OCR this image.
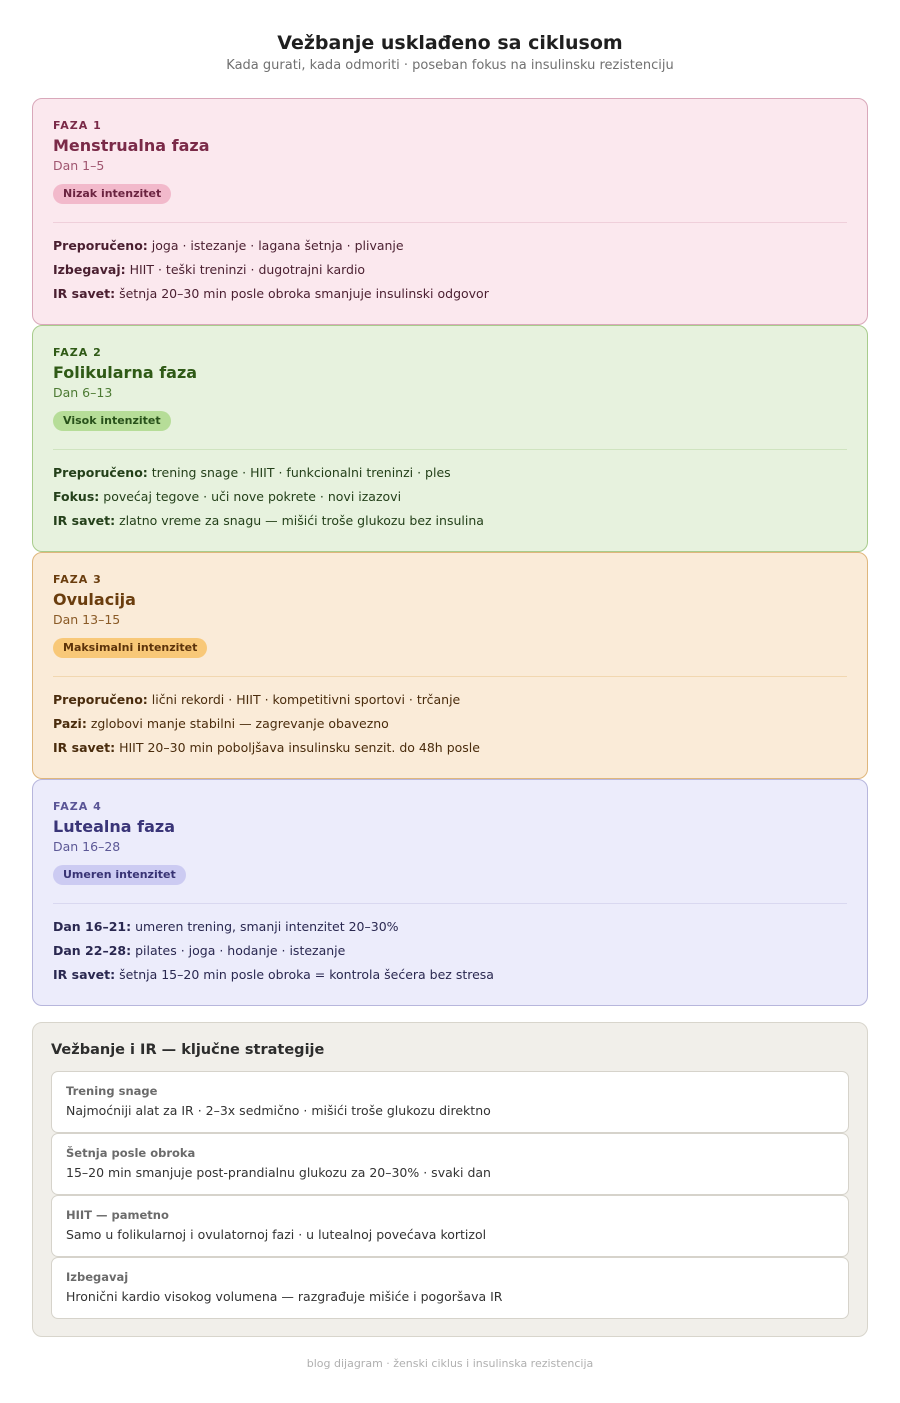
Vežbanje usklađeno sa ciklusom
Kada gurati, kada odmoriti · poseban fokus na insulinsku rezistenciju
FAZA 1
Menstrualna faza
Dan 1–5
Nizak intenzitet
Preporučeno: joga · istezanje · lagana šetnja · plivanje
Izbegavaj: HIIT · teški treninzi · dugotrajni kardio
IR savet: šetnja 20–30 min posle obroka smanjuje insulinski odgovor
FAZA 2
Folikularna faza
Dan 6–13
Visok intenzitet
Preporučeno: trening snage · HIIT · funkcionalni treninzi · ples
Fokus: povećaj tegove · uči nove pokrete · novi izazovi
IR savet: zlatno vreme za snagu — mišići troše glukozu bez insulina
FAZA 3
Ovulacija
Dan 13–15
Maksimalni intenzitet
Preporučeno: lični rekordi · HIIT · kompetitivni sportovi · trčanje
Pazi: zglobovi manje stabilni — zagrevanje obavezno
IR savet: HIIT 20–30 min poboljšava insulinsku senzit. do 48h posle
FAZA 4
Lutealna faza
Dan 16–28
Umeren intenzitet
Dan 16–21: umeren trening, smanji intenzitet 20–30%
Dan 22–28: pilates · joga · hodanje · istezanje
IR savet: šetnja 15–20 min posle obroka = kontrola šećera bez stresa
Vežbanje i IR — ključne strategije
Trening snage
Najmoćniji alat za IR · 2–3x sedmično · mišići troše glukozu direktno
Šetnja posle obroka
15–20 min smanjuje post-prandialnu glukozu za 20–30% · svaki dan
HIIT — pametno
Samo u folikularnoj i ovulatornoj fazi · u lutealnoj povećava kortizol
Izbegavaj
Hronični kardio visokog volumena — razgrađuje mišiće i pogoršava IR
blog dijagram · ženski ciklus i insulinska rezistencija
